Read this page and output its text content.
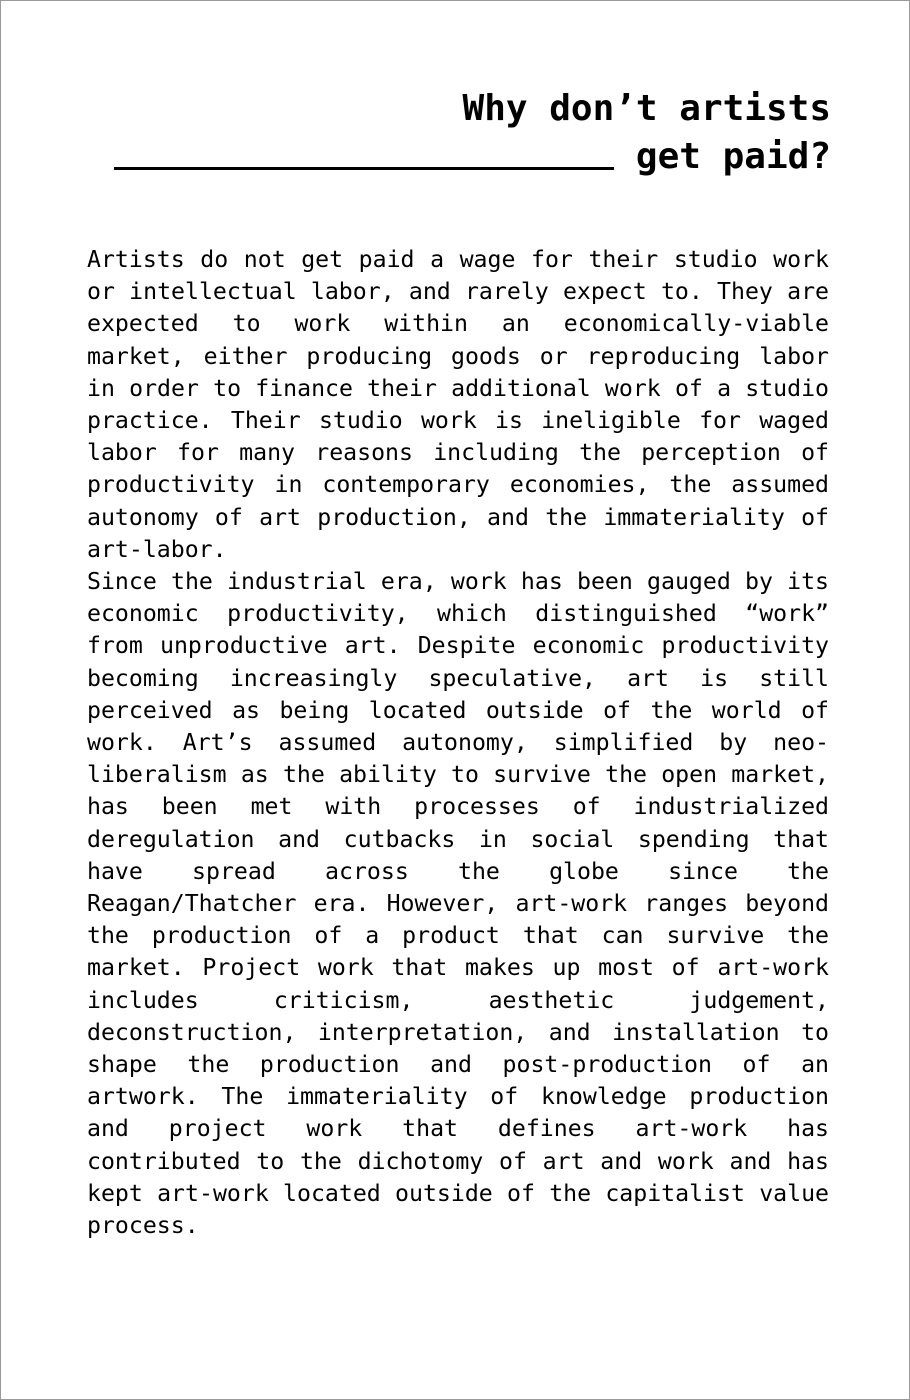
Why don’t artists
get paid?

Artists do not get paid a wage for their studio work or intellectual labor, and rarely expect to. They are expected to work within an economically-viable market, either producing goods or reproducing labor in order to finance their additional work of a studio practice. Their studio work is ineligible for waged labor for many reasons including the perception of productivity in contemporary economies, the assumed autonomy of art production, and the immateriality of art-labor.

Since the industrial era, work has been gauged by its economic productivity, which distinguished “work” from unproductive art. Despite economic productivity becoming increasingly speculative, art is still perceived as being located outside of the world of work. Art’s assumed autonomy, simplified by neo-liberalism as the ability to survive the open market, has been met with processes of industrialized deregulation and cutbacks in social spending that have spread across the globe since the Reagan/Thatcher era. However, art-work ranges beyond the production of a product that can survive the market. Project work that makes up most of art-work includes criticism, aesthetic judgement, deconstruction, interpretation, and installation to shape the production and post-production of an artwork. The immateriality of knowledge production and project work that defines art-work has contributed to the dichotomy of art and work and has kept art-work located outside of the capitalist value process.
